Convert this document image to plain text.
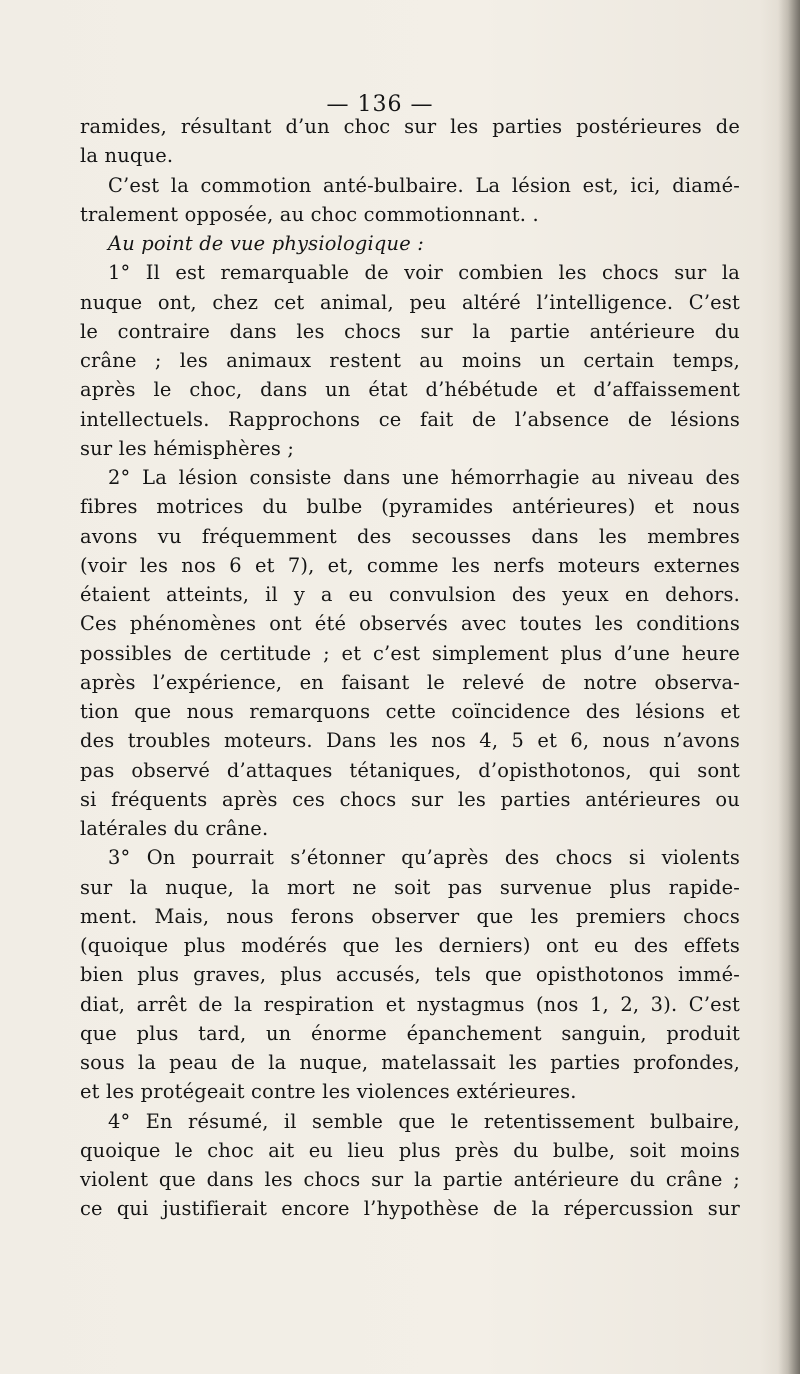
— 136 —
ramides, résultant d’un choc sur les parties postérieures de
la nuque.
C’est la commotion anté-bulbaire. La lésion est, ici, diamé-
tralement opposée, au choc commotionnant. .
Au point de vue physiologique :
1° Il est remarquable de voir combien les chocs sur la
nuque ont, chez cet animal, peu altéré l’intelligence. C’est
le contraire dans les chocs sur la partie antérieure du
crâne ; les animaux restent au moins un certain temps,
après le choc, dans un état d’hébétude et d’affaissement
intellectuels. Rapprochons ce fait de l’absence de lésions
sur les hémisphères ;
2° La lésion consiste dans une hémorrhagie au niveau des
fibres motrices du bulbe (pyramides antérieures) et nous
avons vu fréquemment des secousses dans les membres
(voir les nos 6 et 7), et, comme les nerfs moteurs externes
étaient atteints, il y a eu convulsion des yeux en dehors.
Ces phénomènes ont été observés avec toutes les conditions
possibles de certitude ; et c’est simplement plus d’une heure
après l’expérience, en faisant le relevé de notre observa-
tion que nous remarquons cette coïncidence des lésions et
des troubles moteurs. Dans les nos 4, 5 et 6, nous n’avons
pas observé d’attaques tétaniques, d’opisthotonos, qui sont
si fréquents après ces chocs sur les parties antérieures ou
latérales du crâne.
3° On pourrait s’étonner qu’après des chocs si violents
sur la nuque, la mort ne soit pas survenue plus rapide-
ment. Mais, nous ferons observer que les premiers chocs
(quoique plus modérés que les derniers) ont eu des effets
bien plus graves, plus accusés, tels que opisthotonos immé-
diat, arrêt de la respiration et nystagmus (nos 1, 2, 3). C’est
que plus tard, un énorme épanchement sanguin, produit
sous la peau de la nuque, matelassait les parties profondes,
et les protégeait contre les violences extérieures.
4° En résumé, il semble que le retentissement bulbaire,
quoique le choc ait eu lieu plus près du bulbe, soit moins
violent que dans les chocs sur la partie antérieure du crâne ;
ce qui justifierait encore l’hypothèse de la répercussion sur
